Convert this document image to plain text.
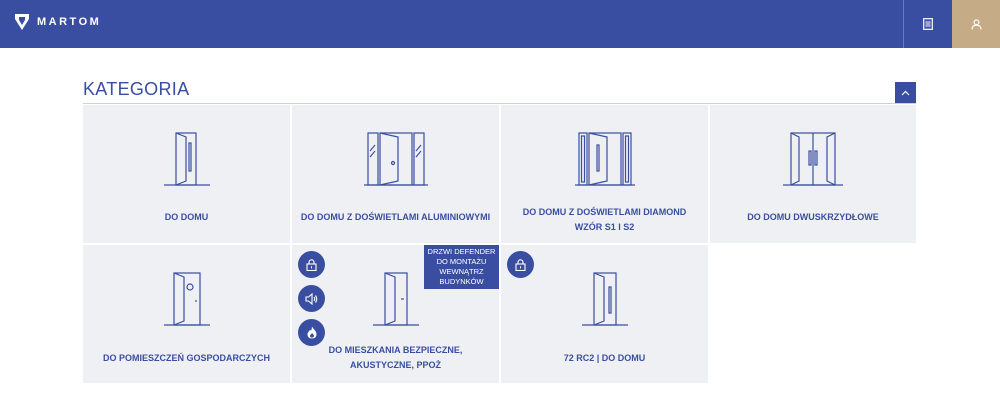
MARTOM
KATEGORIA
DO DOMU	DO DOMU Z DOŚWIETLAMI ALUMINIOWYMI	DO DOMU Z DOŚWIETLAMI DIAMOND WZÓR S1 I S2
DO DOMU DWUSKRZYDŁOWE
DO POMIESZCZEŃ GOSPODARCZYCH
DO MIESZKANIA BEZPIECZNE, AKUSTYCZNE, PPOŻ
72 RC2 | DO DOMU
DRZWI DEFENDER DO MONTAŻU WEWNĄTRZ BUDYNKÓW
